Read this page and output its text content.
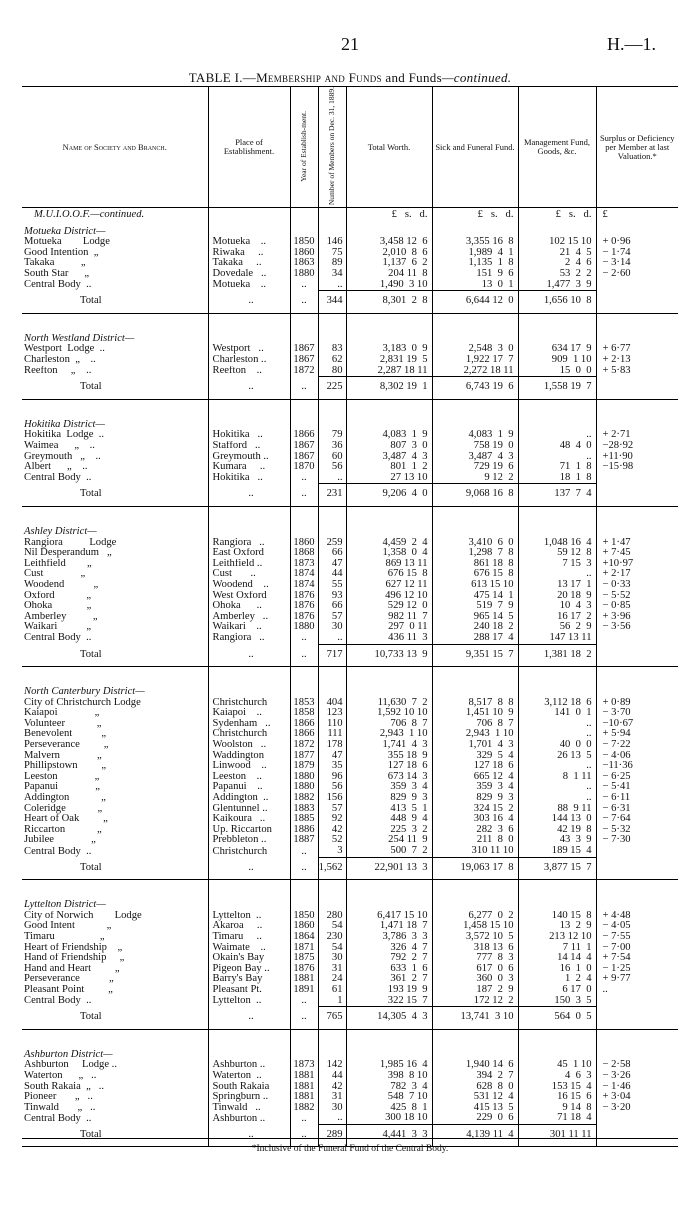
21	H.—1.
TABLE I.—Membership and Funds and Funds—continued.
Name of Society and Branch.	Place of Establishment.	Year of Establish-ment.	Number of Members on Dec. 31, 1889.	Total Worth.	Sick and Funeral Fund.	Management Fund, Goods, &c.	Surplus or Deficiency per Member at last Valuation.*
M.U.I.O.O.F.—continued.				£   s.   d.	£   s.   d.	£   s.   d.	£
Motueka District—							
Motueka        Lodge	Motueka    ..	1850	146	3,458 12  6	3,355 16  8	102 15 10	+ 0·96
Good Intention  „	Riwaka     ..	1860	75	2,010  8  6	1,989  4  1	21  4  5	− 1·74
Takaka          „	Takaka     ..	1863	89	1,137  6  2	1,135  1  8	2  4  6	− 3·14
South Star      „	Dovedale   ..	1880	34	204 11  8	151  9  6	53  2  2	− 2·60
Central Body  ..	Motueka    ..	..	..	1,490  3 10	13  0  1	1,477  3  9	
Total	..	..	344	8,301  2  8	6,644 12  0	1,656 10  8	

North Westland District—							
Westport  Lodge  ..	Westport   ..	1867	83	3,183  0  9	2,548  3  0	634 17  9	+ 6·77
Charleston  „    ..	Charleston ..	1867	62	2,831 19  5	1,922 17  7	909  1 10	+ 2·13
Reefton     „    ..	Reefton    ..	1872	80	2,287 18 11	2,272 18 11	15  0  0	+ 5·83
Total	..	..	225	8,302 19  1	6,743 19  6	1,558 19  7	

Hokitika District—							
Hokitika  Lodge  ..	Hokitika   ..	1866	79	4,083  1  9	4,083  1  9	..	+ 2·71
Waimea      „    ..	Stafford   ..	1867	36	807  3  0	758 19  0	48  4  0	−28·92
Greymouth   „    ..	Greymouth ..	1867	60	3,487  4  3	3,487  4  3	..	+11·90
Albert      „    ..	Kumara     ..	1870	56	801  1  2	729 19  6	71  1  8	−15·98
Central Body  ..	Hokitika   ..	..	..	27 13 10	9 12  2	18  1  8	
Total	..	..	231	9,206  4  0	9,068 16  8	137  7  4	

Ashley District—							
Rangiora          Lodge	Rangiora   ..	1860	259	4,459  2  4	3,410  6  0	1,048 16  4	+ 1·47
Nil Desperandum   „	East Oxford	1868	66	1,358  0  4	1,298  7  8	59 12  8	+ 7·45
Leithfield        „	Leithfield ..	1873	47	869 13 11	861 18  8	7 15  3	+10·97
Cust              „	Cust       ..	1874	44	676 15  8	676 15  8	..	+ 2·17
Woodend           „	Woodend    ..	1874	55	627 12 11	613 15 10	13 17  1	− 0·33
Oxford            „	West Oxford	1876	93	496 12 10	475 14  1	20 18  9	− 5·52
Ohoka             „	Ohoka      ..	1876	66	529 12  0	519  7  9	10  4  3	− 0·85
Amberley          „	Amberley   ..	1876	57	982 11  7	965 14  5	16 17  2	+ 3·96
Waikari           „	Waikari    ..	1880	30	297  0 11	240 18  2	56  2  9	− 3·56
Central Body  ..	Rangiora   ..	..	..	436 11  3	288 17  4	147 13 11	
Total	..	..	717	10,733 13  9	9,351 15  7	1,381 18  2	

North Canterbury District—							
City of Christchurch Lodge	Christchurch	1853	404	11,630  7  2	8,517  8  8	3,112 18  6	+ 0·89
Kaiapoi              „	Kaiapoi    ..	1858	123	1,592 10 10	1,451 10  9	141  0  1	− 3·70
Volunteer            „	Sydenham   ..	1866	110	706  8  7	706  8  7	..	−10·67
Benevolent           „	Christchurch	1866	111	2,943  1 10	2,943  1 10	..	+ 5·94
Perseverance         „	Woolston   ..	1872	178	1,741  4  3	1,701  4  3	40  0  0	− 7·22
Malvern              „	Waddington	1877	47	355 18  9	329  5  4	26 13  5	− 4·06
Phillipstown         „	Linwood    ..	1879	35	127 18  6	127 18  6	..	−11·36
Leeston              „	Leeston    ..	1880	96	673 14  3	665 12  4	8  1 11	− 6·25
Papanui              „	Papanui    ..	1880	56	359  3  4	359  3  4	..	− 5·41
Addington            „	Addington  ..	1882	156	829  9  3	829  9  3	..	− 6·11
Coleridge            „	Glentunnel ..	1883	57	413  5  1	324 15  2	88  9 11	− 6·31
Heart of Oak         „	Kaikoura   ..	1885	92	448  9  4	303 16  4	144 13  0	− 7·64
Riccarton            „	Up. Riccarton	1886	42	225  3  2	282  3  6	42 19  8	− 5·32
Jubilee              „	Prebbleton ..	1887	52	254 11  9	211  8  0	43  3  9	− 7·30
Central Body  ..	Christchurch	..	3	500  7  2	310 11 10	189 15  4	
Total	..	..	1,562	22,901 13  3	19,063 17  8	3,877 15  7	

Lyttelton District—							
City of Norwich        Lodge	Lyttelton  ..	1850	280	6,417 15 10	6,277  0  2	140 15  8	+ 4·48
Good Intent            „	Akaroa     ..	1860	54	1,471 18  7	1,458 15 10	13  2  9	− 4·05
Timaru                 „	Timaru     ..	1864	230	3,786  3  3	3,572 10  5	213 12 10	− 7·55
Heart of Friendship    „	Waimate    ..	1871	54	326  4  7	318 13  6	7 11  1	− 7·00
Hand of Friendship     „	Okain's Bay	1875	30	792  2  7	777  8  3	14 14  4	+ 7·54
Hand and Heart         „	Pigeon Bay ..	1876	31	633  1  6	617  0  6	16  1  0	− 1·25
Perseverance           „	Barry's Bay	1881	24	361  2  7	360  0  3	1  2  4	+ 9·77
Pleasant Point         „	Pleasant Pt.	1891	61	193 19  9	187  2  9	6 17  0	..
Central Body  ..	Lyttelton  ..	..	1	322 15  7	172 12  2	150  3  5	
Total	..	..	765	14,305  4  3	13,741  3 10	564  0  5	

Ashburton District—							
Ashburton     Lodge ..	Ashburton ..	1873	142	1,985 16  4	1,940 14  6	45  1 10	− 2·58
Waterton      „   ..	Waterton  ..	1881	44	398  8 10	394  2  7	4  6  3	− 3·26
South Rakaia  „   ..	South Rakaia	1881	42	782  3  4	628  8  0	153 15  4	− 1·46
Pioneer       „   ..	Springburn ..	1881	31	548  7 10	531 12  4	16 15  6	+ 3·04
Tinwald       „   ..	Tinwald   ..	1882	30	425  8  1	415 13  5	9 14  8	− 3·20
Central Body  ..	Ashburton ..	..	..	300 18 10	229  0  6	71 18  4	
Total	..	..	289	4,441  3  3	4,139 11  4	301 11 11	
*Inclusive of the Funeral Fund of the Central Body.
